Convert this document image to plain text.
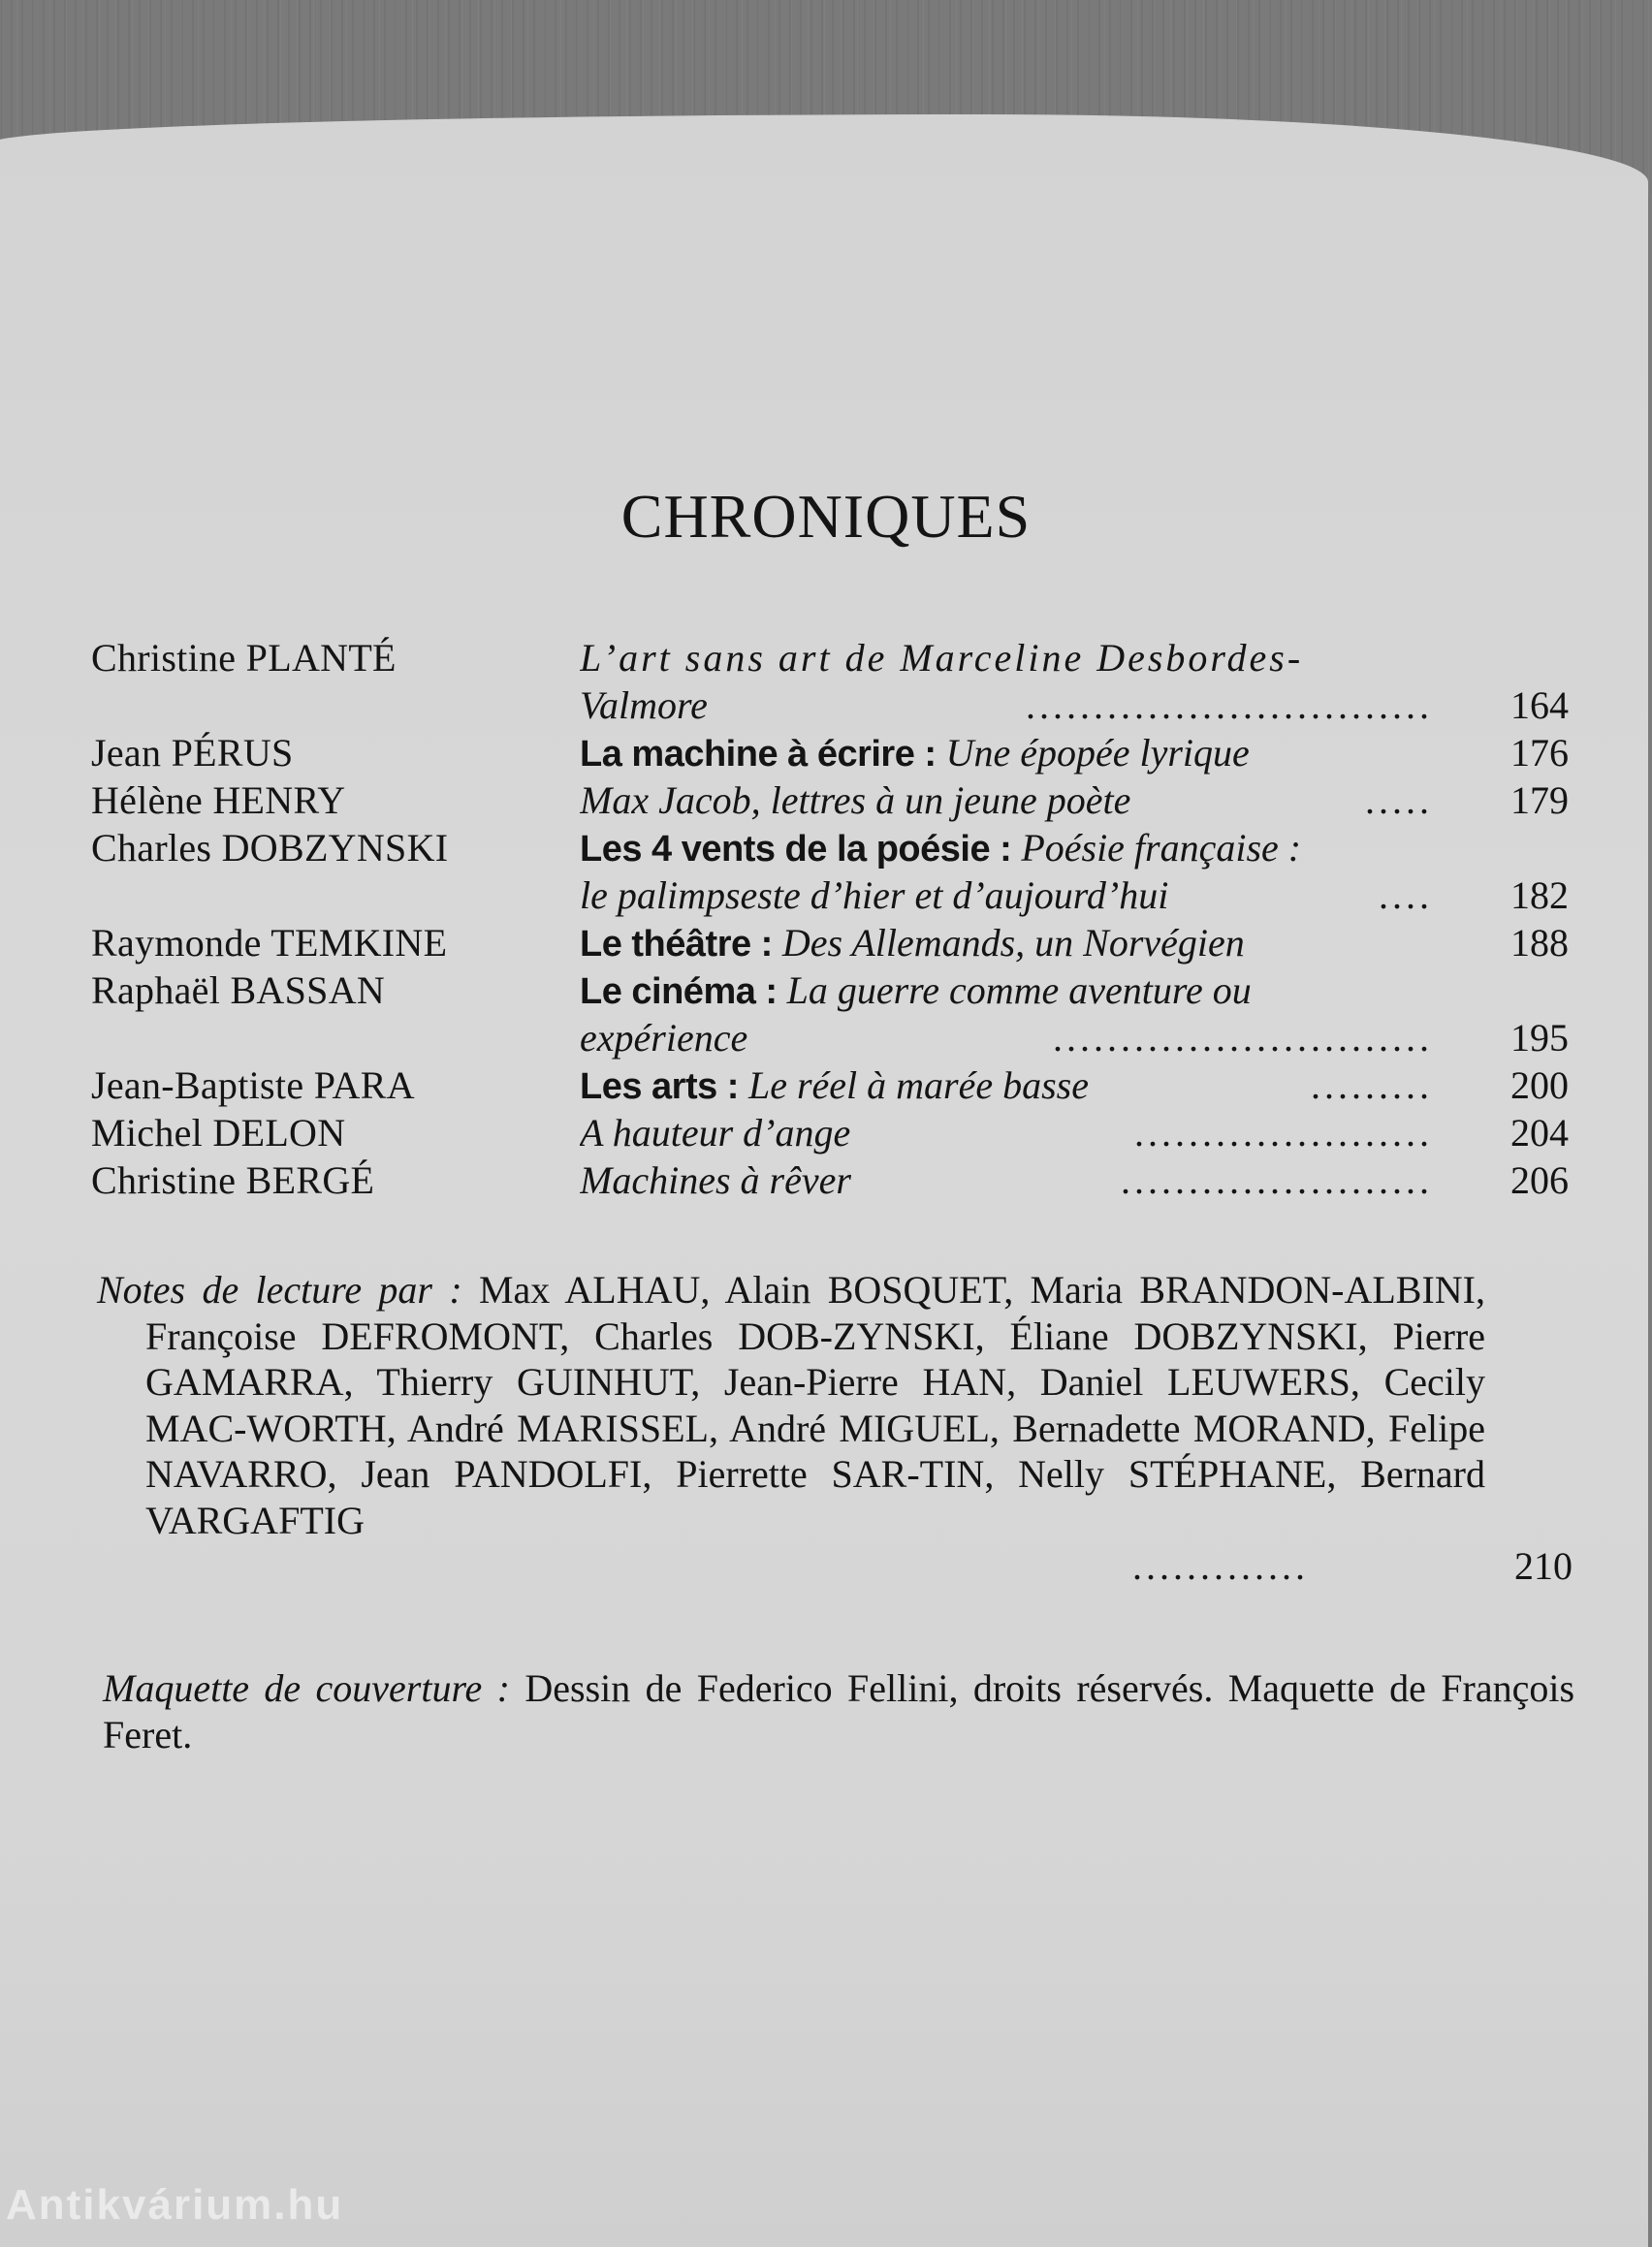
CHRONIQUES
Christine PLANTÉ	L’art sans art de Marceline Desbordes-
Valmore	.............................. 164
Jean PÉRUS	La machine à écrire : Une épopée lyrique	176
Hélène HENRY	Max Jacob, lettres à un jeune poète	..... 179
Charles DOBZYNSKI	Les 4 vents de la poésie : Poésie française :
le palimpseste d’hier et d’aujourd’hui	.... 182
Raymonde TEMKINE	Le théâtre : Des Allemands, un Norvégien	188
Raphaël BASSAN	Le cinéma : La guerre comme aventure ou
expérience	............................ 195
Jean-Baptiste PARA	Les arts : Le réel à marée basse	......... 200
Michel DELON	A hauteur d’ange	...................... 204
Christine BERGÉ	Machines à rêver	....................... 206
Notes de lecture par : Max ALHAU, Alain BOSQUET, Maria BRANDON-ALBINI, Françoise DEFROMONT, Charles DOB-ZYNSKI, Éliane DOBZYNSKI, Pierre GAMARRA, Thierry GUINHUT, Jean-Pierre HAN, Daniel LEUWERS, Cecily MAC-WORTH, André MARISSEL, André MIGUEL, Bernadette MORAND, Felipe NAVARRO, Jean PANDOLFI, Pierrette SAR-TIN, Nelly STÉPHANE, Bernard VARGAFTIG
.............	210
Maquette de couverture : Dessin de Federico Fellini, droits réservés. Maquette de François Feret.
Antikvárium.hu
